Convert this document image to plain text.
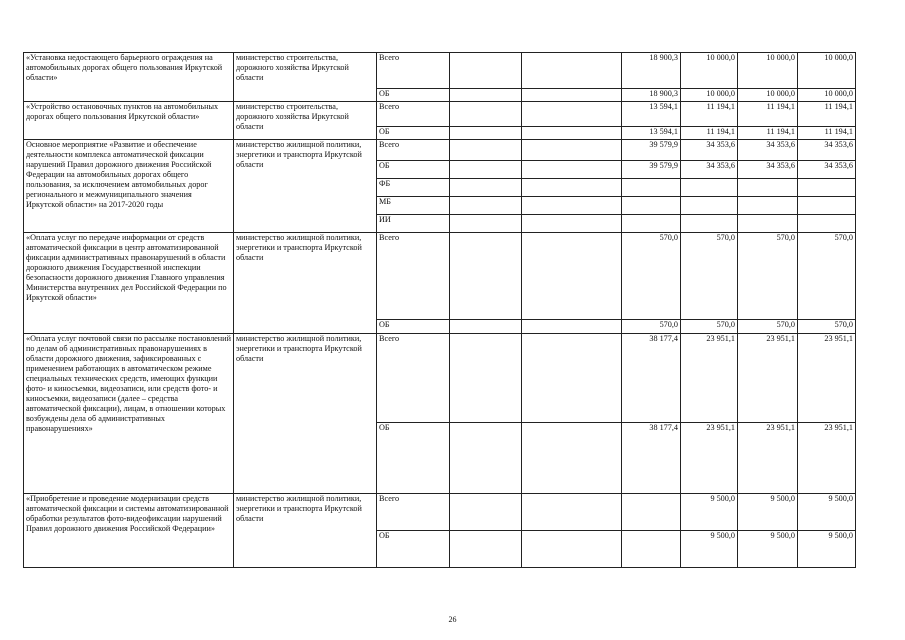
«Установка недостающего барьерного ограждения на автомобильных дорогах общего пользования Иркутской области»	министерство строительства, дорожного хозяйства Иркутской области	Всего			18 900,3	10 000,0	10 000,0	10 000,0
		ОБ			18 900,3	10 000,0	10 000,0	10 000,0
«Устройство остановочных пунктов на автомобильных дорогах общего пользования Иркутской области»	министерство строительства, дорожного хозяйства Иркутской области	Всего			13 594,1	11 194,1	11 194,1	11 194,1
		ОБ			13 594,1	11 194,1	11 194,1	11 194,1
Основное мероприятие «Развитие и обеспечение деятельности комплекса автоматической фиксации нарушений Правил дорожного движения Российской Федерации на автомобильных дорогах общего пользования, за исключением автомобильных дорог регионального и межмуниципального значения Иркутской области» на 2017-2020 годы	министерство жилищной политики, энергетики и транспорта Иркутской области	Всего			39 579,9	34 353,6	34 353,6	34 353,6
		ОБ			39 579,9	34 353,6	34 353,6	34 353,6
		ФБ						
		МБ						
		ИИ						
«Оплата услуг по передаче информации от средств автоматической фиксации в центр автоматизированной фиксации административных правонарушений в области дорожного движения Государственной инспекции безопасности дорожного движения Главного управления Министерства внутренних дел Российской Федерации по Иркутской области»	министерство жилищной политики, энергетики и транспорта Иркутской области	Всего			570,0	570,0	570,0	570,0
		ОБ			570,0	570,0	570,0	570,0
«Оплата услуг почтовой связи по рассылке постановлений по делам об административных правонарушениях в области дорожного движения, зафиксированных с применением работающих в автоматическом режиме специальных технических средств, имеющих функции фото- и киносъемки, видеозаписи, или средств фото- и киносъемки, видеозаписи (далее – средства автоматической фиксации), лицам, в отношении которых возбуждены дела об административных правонарушениях»	министерство жилищной политики, энергетики и транспорта Иркутской области	Всего			38 177,4	23 951,1	23 951,1	23 951,1
		ОБ			38 177,4	23 951,1	23 951,1	23 951,1
«Приобретение и проведение модернизации средств автоматической фиксации и системы автоматизированной обработки результатов фото-видеофиксации нарушений Правил дорожного движения Российской Федерации»	министерство жилищной политики, энергетики и транспорта Иркутской области	Всего				9 500,0	9 500,0	9 500,0
		ОБ				9 500,0	9 500,0	9 500,0
26
